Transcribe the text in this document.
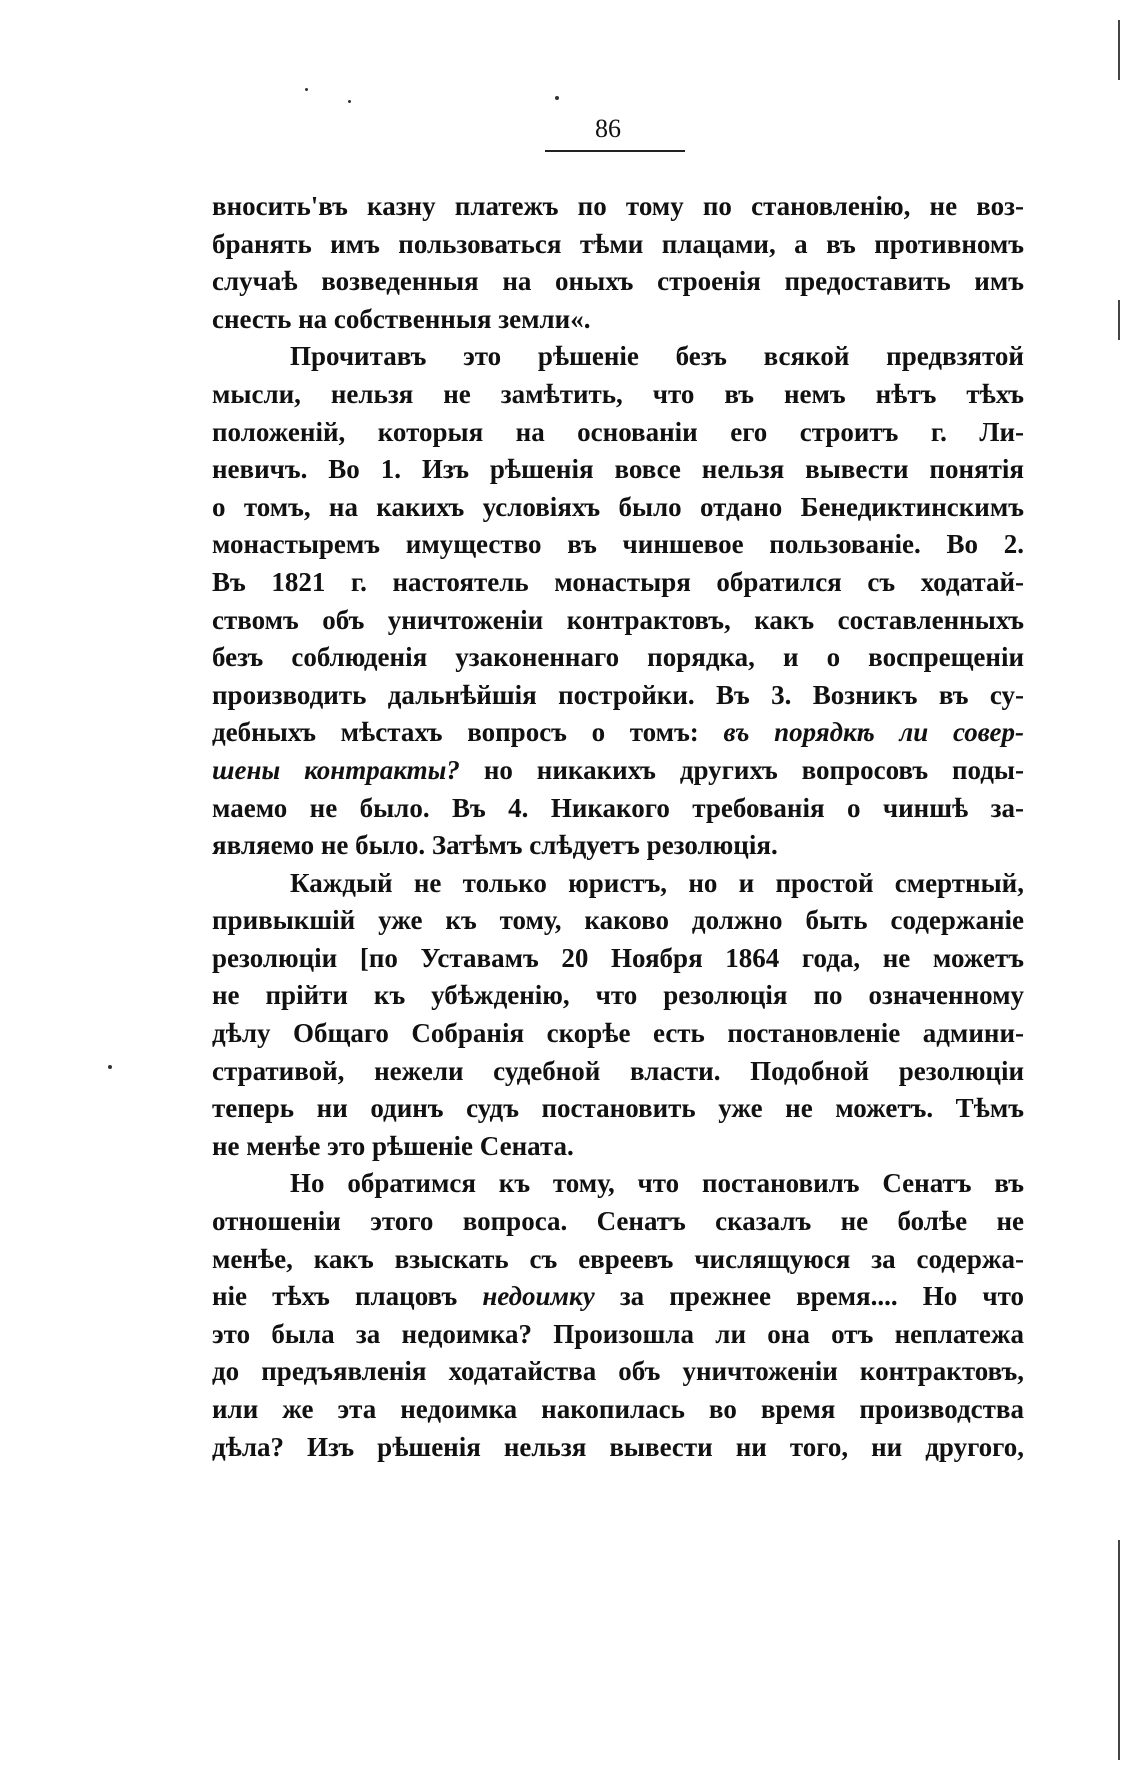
86
вносить'въ казну платежъ по тому по становленію, не воз-
бранять имъ пользоваться тѣми плацами, а въ противномъ
случаѣ возведенныя на оныхъ строенія предоставить имъ
снесть на собственныя земли«.
Прочитавъ это рѣшеніе безъ всякой предвзятой
мысли, нельзя не замѣтить, что въ немъ нѣтъ тѣхъ
положеній, которыя на основаніи его строитъ г. Ли-
невичъ. Во 1. Изъ рѣшенія вовсе нельзя вывести понятія
о томъ, на какихъ условіяхъ было отдано Бенедиктинскимъ
монастыремъ имущество въ чиншевое пользованіе. Во 2.
Въ 1821 г. настоятель монастыря обратился съ ходатай-
ствомъ объ уничтоженіи контрактовъ, какъ составленныхъ
безъ соблюденія узаконеннаго порядка, и о воспрещеніи
производить дальнѣйшія постройки. Въ 3. Возникъ въ су-
дебныхъ мѣстахъ вопросъ о томъ: въ порядкѣ ли совер-
шены контракты? но никакихъ другихъ вопросовъ поды-
маемо не было. Въ 4. Никакого требованія о чиншѣ за-
являемо не было. Затѣмъ слѣдуетъ резолюція.
Каждый не только юристъ, но и простой смертный,
привыкшій уже къ тому, каково должно быть содержаніе
резолюціи [по Уставамъ 20 Ноября 1864 года, не можетъ
не прійти къ убѣжденію, что резолюція по означенному
дѣлу Общаго Собранія скорѣе есть постановленіе админи-
стративой, нежели судебной власти. Подобной резолюціи
теперь ни одинъ судъ постановить уже не можетъ. Тѣмъ
не менѣе это рѣшеніе Сената.
Но обратимся къ тому, что постановилъ Сенатъ въ
отношеніи этого вопроса. Сенатъ сказалъ не болѣе не
менѣе, какъ взыскать съ евреевъ числящуюся за содержа-
ніе тѣхъ плацовъ недоимку за прежнее время.... Но что
это была за недоимка? Произошла ли она отъ неплатежа
до предъявленія ходатайства объ уничтоженіи контрактовъ,
или же эта недоимка накопилась во время производства
дѣла? Изъ рѣшенія нельзя вывести ни того, ни другого,
